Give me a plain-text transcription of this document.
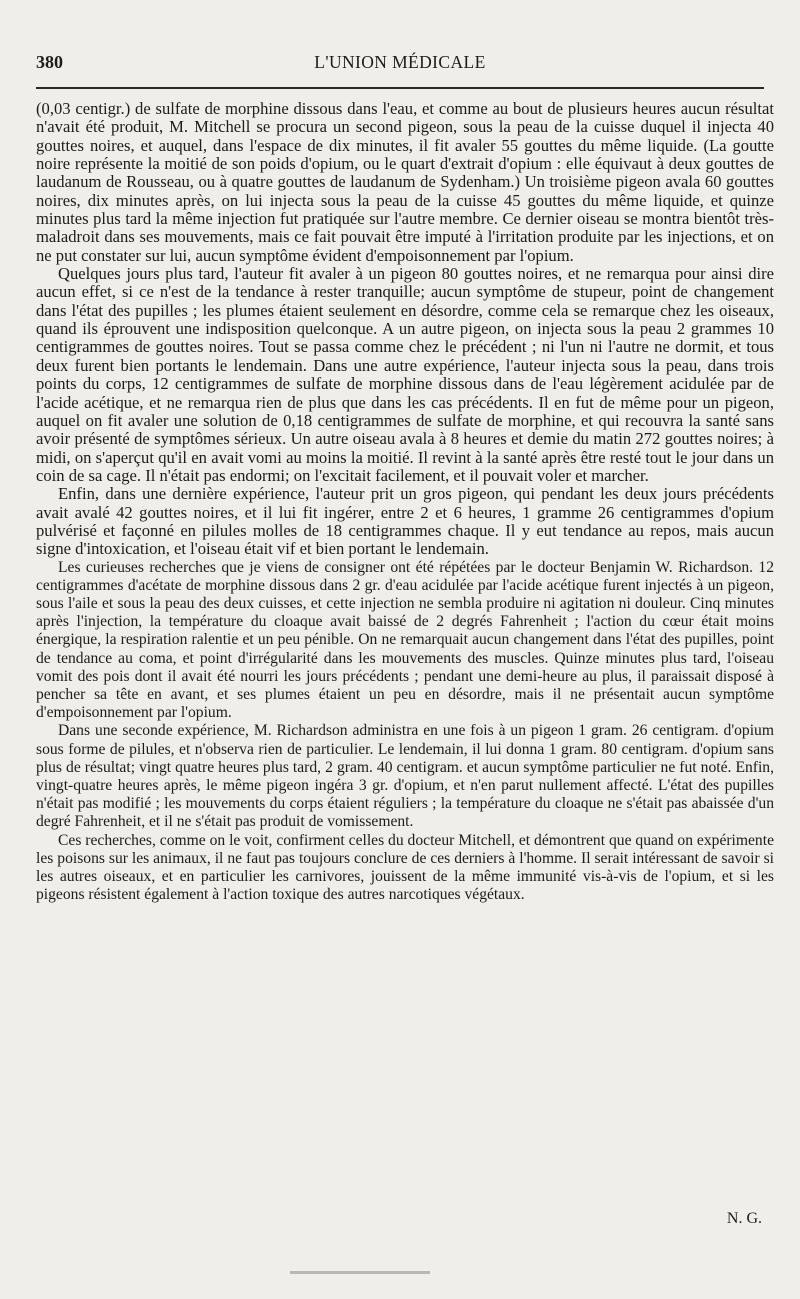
380	L'UNION MÉDICALE

(0,03 centigr.) de sulfate de morphine dissous dans l'eau, et comme au bout de plusieurs heures aucun résultat n'avait été produit, M. Mitchell se procura un second pigeon, sous la peau de la cuisse duquel il injecta 40 gouttes noires, et auquel, dans l'espace de dix minutes, il fit avaler 55 gouttes du même liquide. (La goutte noire représente la moitié de son poids d'opium, ou le quart d'extrait d'opium : elle équivaut à deux gouttes de laudanum de Rousseau, ou à quatre gouttes de laudanum de Sydenham.) Un troisième pigeon avala 60 gouttes noires, dix minutes après, on lui injecta sous la peau de la cuisse 45 gouttes du même liquide, et quinze minutes plus tard la même injection fut pratiquée sur l'autre membre. Ce dernier oiseau se montra bientôt très-maladroit dans ses mouvements, mais ce fait pouvait être imputé à l'irritation produite par les injections, et on ne put constater sur lui, aucun symptôme évident d'empoisonnement par l'opium.

Quelques jours plus tard, l'auteur fit avaler à un pigeon 80 gouttes noires, et ne remarqua pour ainsi dire aucun effet, si ce n'est de la tendance à rester tranquille; aucun symptôme de stupeur, point de changement dans l'état des pupilles ; les plumes étaient seulement en désordre, comme cela se remarque chez les oiseaux, quand ils éprouvent une indisposition quelconque. A un autre pigeon, on injecta sous la peau 2 grammes 10 centigrammes de gouttes noires. Tout se passa comme chez le précédent ; ni l'un ni l'autre ne dormit, et tous deux furent bien portants le lendemain. Dans une autre expérience, l'auteur injecta sous la peau, dans trois points du corps, 12 centigrammes de sulfate de morphine dissous dans de l'eau légèrement acidulée par de l'acide acétique, et ne remarqua rien de plus que dans les cas précédents. Il en fut de même pour un pigeon, auquel on fit avaler une solution de 0,18 centigrammes de sulfate de morphine, et qui recouvra la santé sans avoir présenté de symptômes sérieux. Un autre oiseau avala à 8 heures et demie du matin 272 gouttes noires; à midi, on s'aperçut qu'il en avait vomi au moins la moitié. Il revint à la santé après être resté tout le jour dans un coin de sa cage. Il n'était pas endormi; on l'excitait facilement, et il pouvait voler et marcher.

Enfin, dans une dernière expérience, l'auteur prit un gros pigeon, qui pendant les deux jours précédents avait avalé 42 gouttes noires, et il lui fit ingérer, entre 2 et 6 heures, 1 gramme 26 centigrammes d'opium pulvérisé et façonné en pilules molles de 18 centigrammes chaque. Il y eut tendance au repos, mais aucun signe d'intoxication, et l'oiseau était vif et bien portant le lendemain.

Les curieuses recherches que je viens de consigner ont été répétées par le docteur Benjamin W. Richardson. 12 centigrammes d'acétate de morphine dissous dans 2 gr. d'eau acidulée par l'acide acétique furent injectés à un pigeon, sous l'aile et sous la peau des deux cuisses, et cette injection ne sembla produire ni agitation ni douleur. Cinq minutes après l'injection, la température du cloaque avait baissé de 2 degrés Fahrenheit ; l'action du cœur était moins énergique, la respiration ralentie et un peu pénible. On ne remarquait aucun changement dans l'état des pupilles, point de tendance au coma, et point d'irrégularité dans les mouvements des muscles. Quinze minutes plus tard, l'oiseau vomit des pois dont il avait été nourri les jours précédents ; pendant une demi-heure au plus, il paraissait disposé à pencher sa tête en avant, et ses plumes étaient un peu en désordre, mais il ne présentait aucun symptôme d'empoisonnement par l'opium.

Dans une seconde expérience, M. Richardson administra en une fois à un pigeon 1 gram. 26 centigram. d'opium sous forme de pilules, et n'observa rien de particulier. Le lendemain, il lui donna 1 gram. 80 centigram. d'opium sans plus de résultat; vingt quatre heures plus tard, 2 gram. 40 centigram. et aucun symptôme particulier ne fut noté. Enfin, vingt-quatre heures après, le même pigeon ingéra 3 gr. d'opium, et n'en parut nullement affecté. L'état des pupilles n'était pas modifié ; les mouvements du corps étaient réguliers ; la température du cloaque ne s'était pas abaissée d'un degré Fahrenheit, et il ne s'était pas produit de vomissement.

Ces recherches, comme on le voit, confirment celles du docteur Mitchell, et démontrent que quand on expérimente les poisons sur les animaux, il ne faut pas toujours conclure de ces derniers à l'homme. Il serait intéressant de savoir si les autres oiseaux, et en particulier les carnivores, jouissent de la même immunité vis-à-vis de l'opium, et si les pigeons résistent également à l'action toxique des autres narcotiques végétaux.

N. G.
